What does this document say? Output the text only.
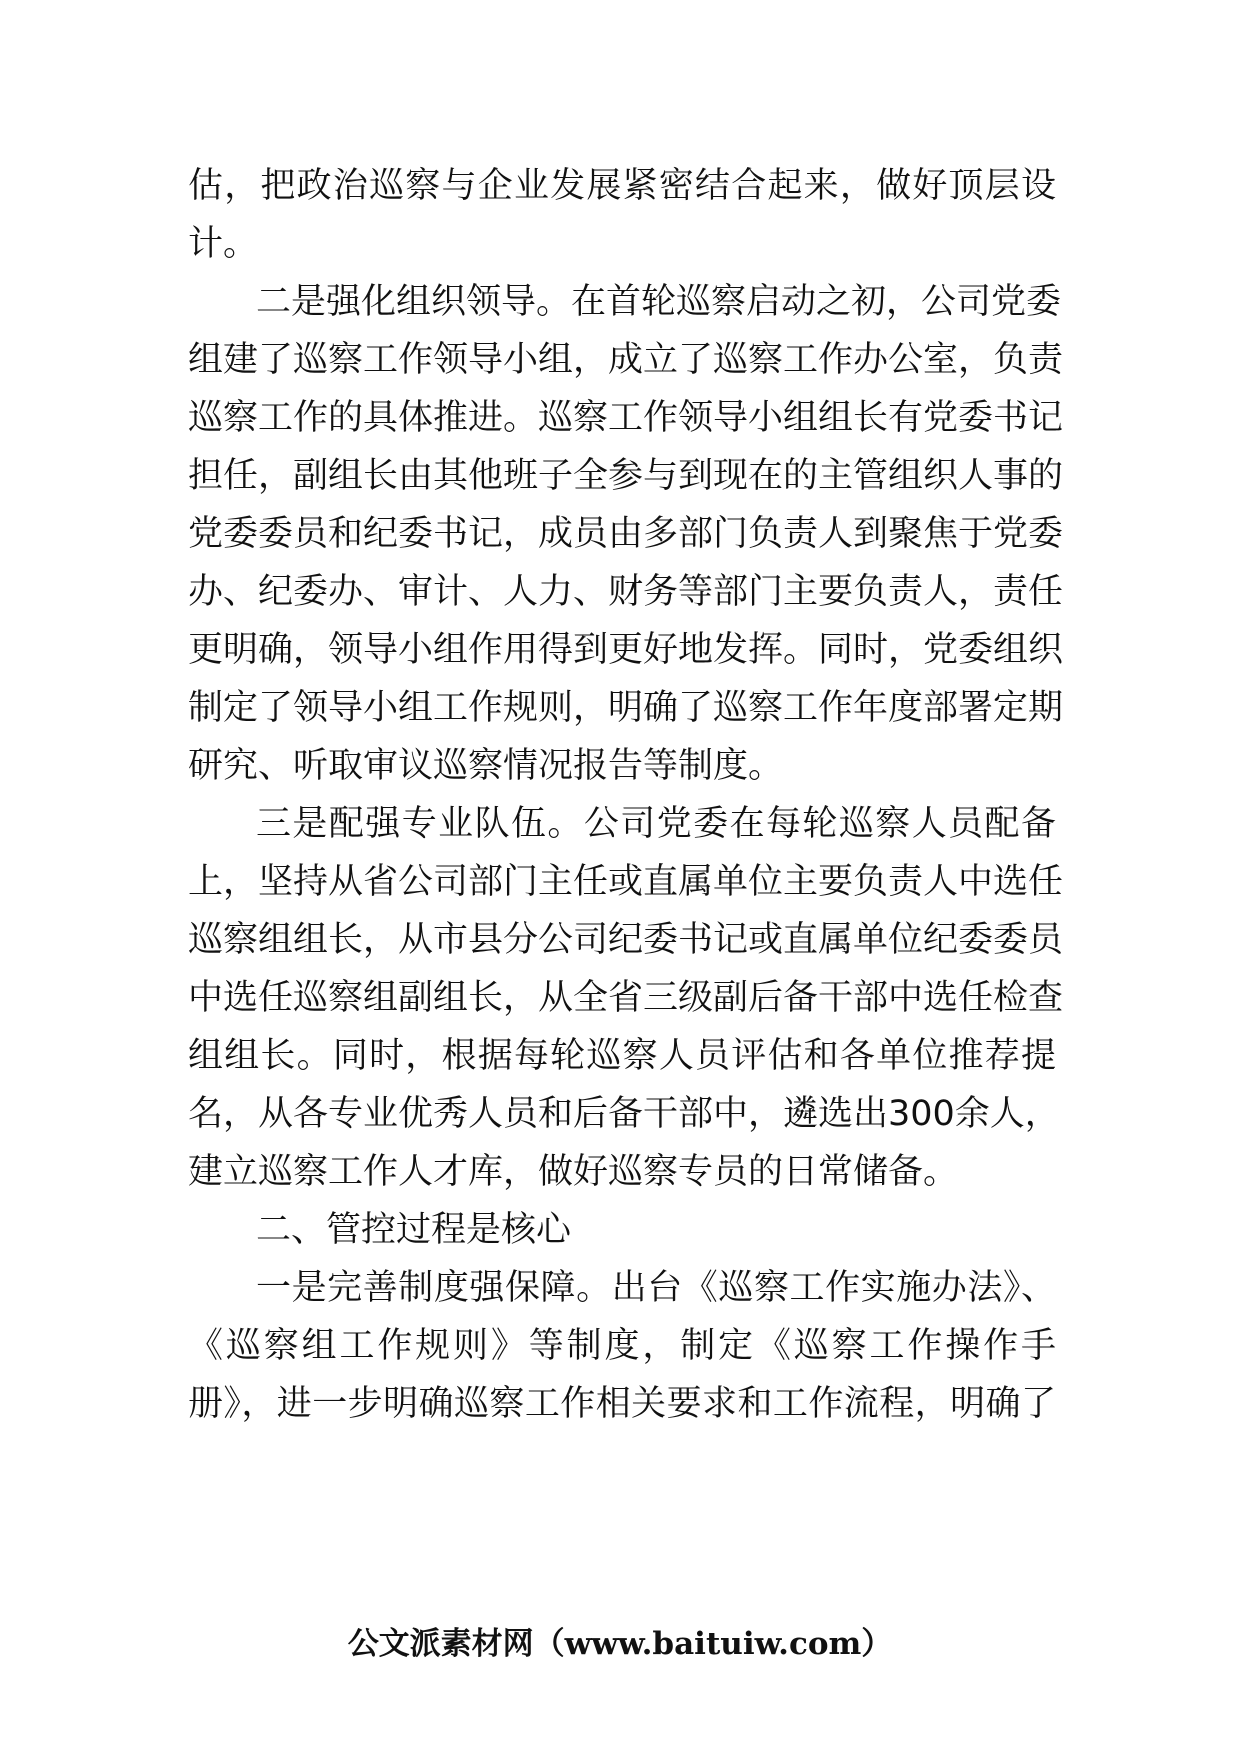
估，把政治巡察与企业发展紧密结合起来，做好顶层设
计。
二是强化组织领导。在首轮巡察启动之初，公司党委
组建了巡察工作领导小组，成立了巡察工作办公室，负责
巡察工作的具体推进。巡察工作领导小组组长有党委书记
担任，副组长由其他班子全参与到现在的主管组织人事的
党委委员和纪委书记，成员由多部门负责人到聚焦于党委
办、纪委办、审计、人力、财务等部门主要负责人，责任
更明确，领导小组作用得到更好地发挥。同时，党委组织
制定了领导小组工作规则，明确了巡察工作年度部署定期
研究、听取审议巡察情况报告等制度。
三是配强专业队伍。公司党委在每轮巡察人员配备
上，坚持从省公司部门主任或直属单位主要负责人中选任
巡察组组长，从市县分公司纪委书记或直属单位纪委委员
中选任巡察组副组长，从全省三级副后备干部中选任检查
组组长。同时，根据每轮巡察人员评估和各单位推荐提
名，从各专业优秀人员和后备干部中，遴选出300余人，
建立巡察工作人才库，做好巡察专员的日常储备。
二、管控过程是核心
一是完善制度强保障。出台《巡察工作实施办法》、
《巡察组工作规则》等制度，制定《巡察工作操作手
册》，进一步明确巡察工作相关要求和工作流程，明确了
公文派素材网（www.baituiw.com）
